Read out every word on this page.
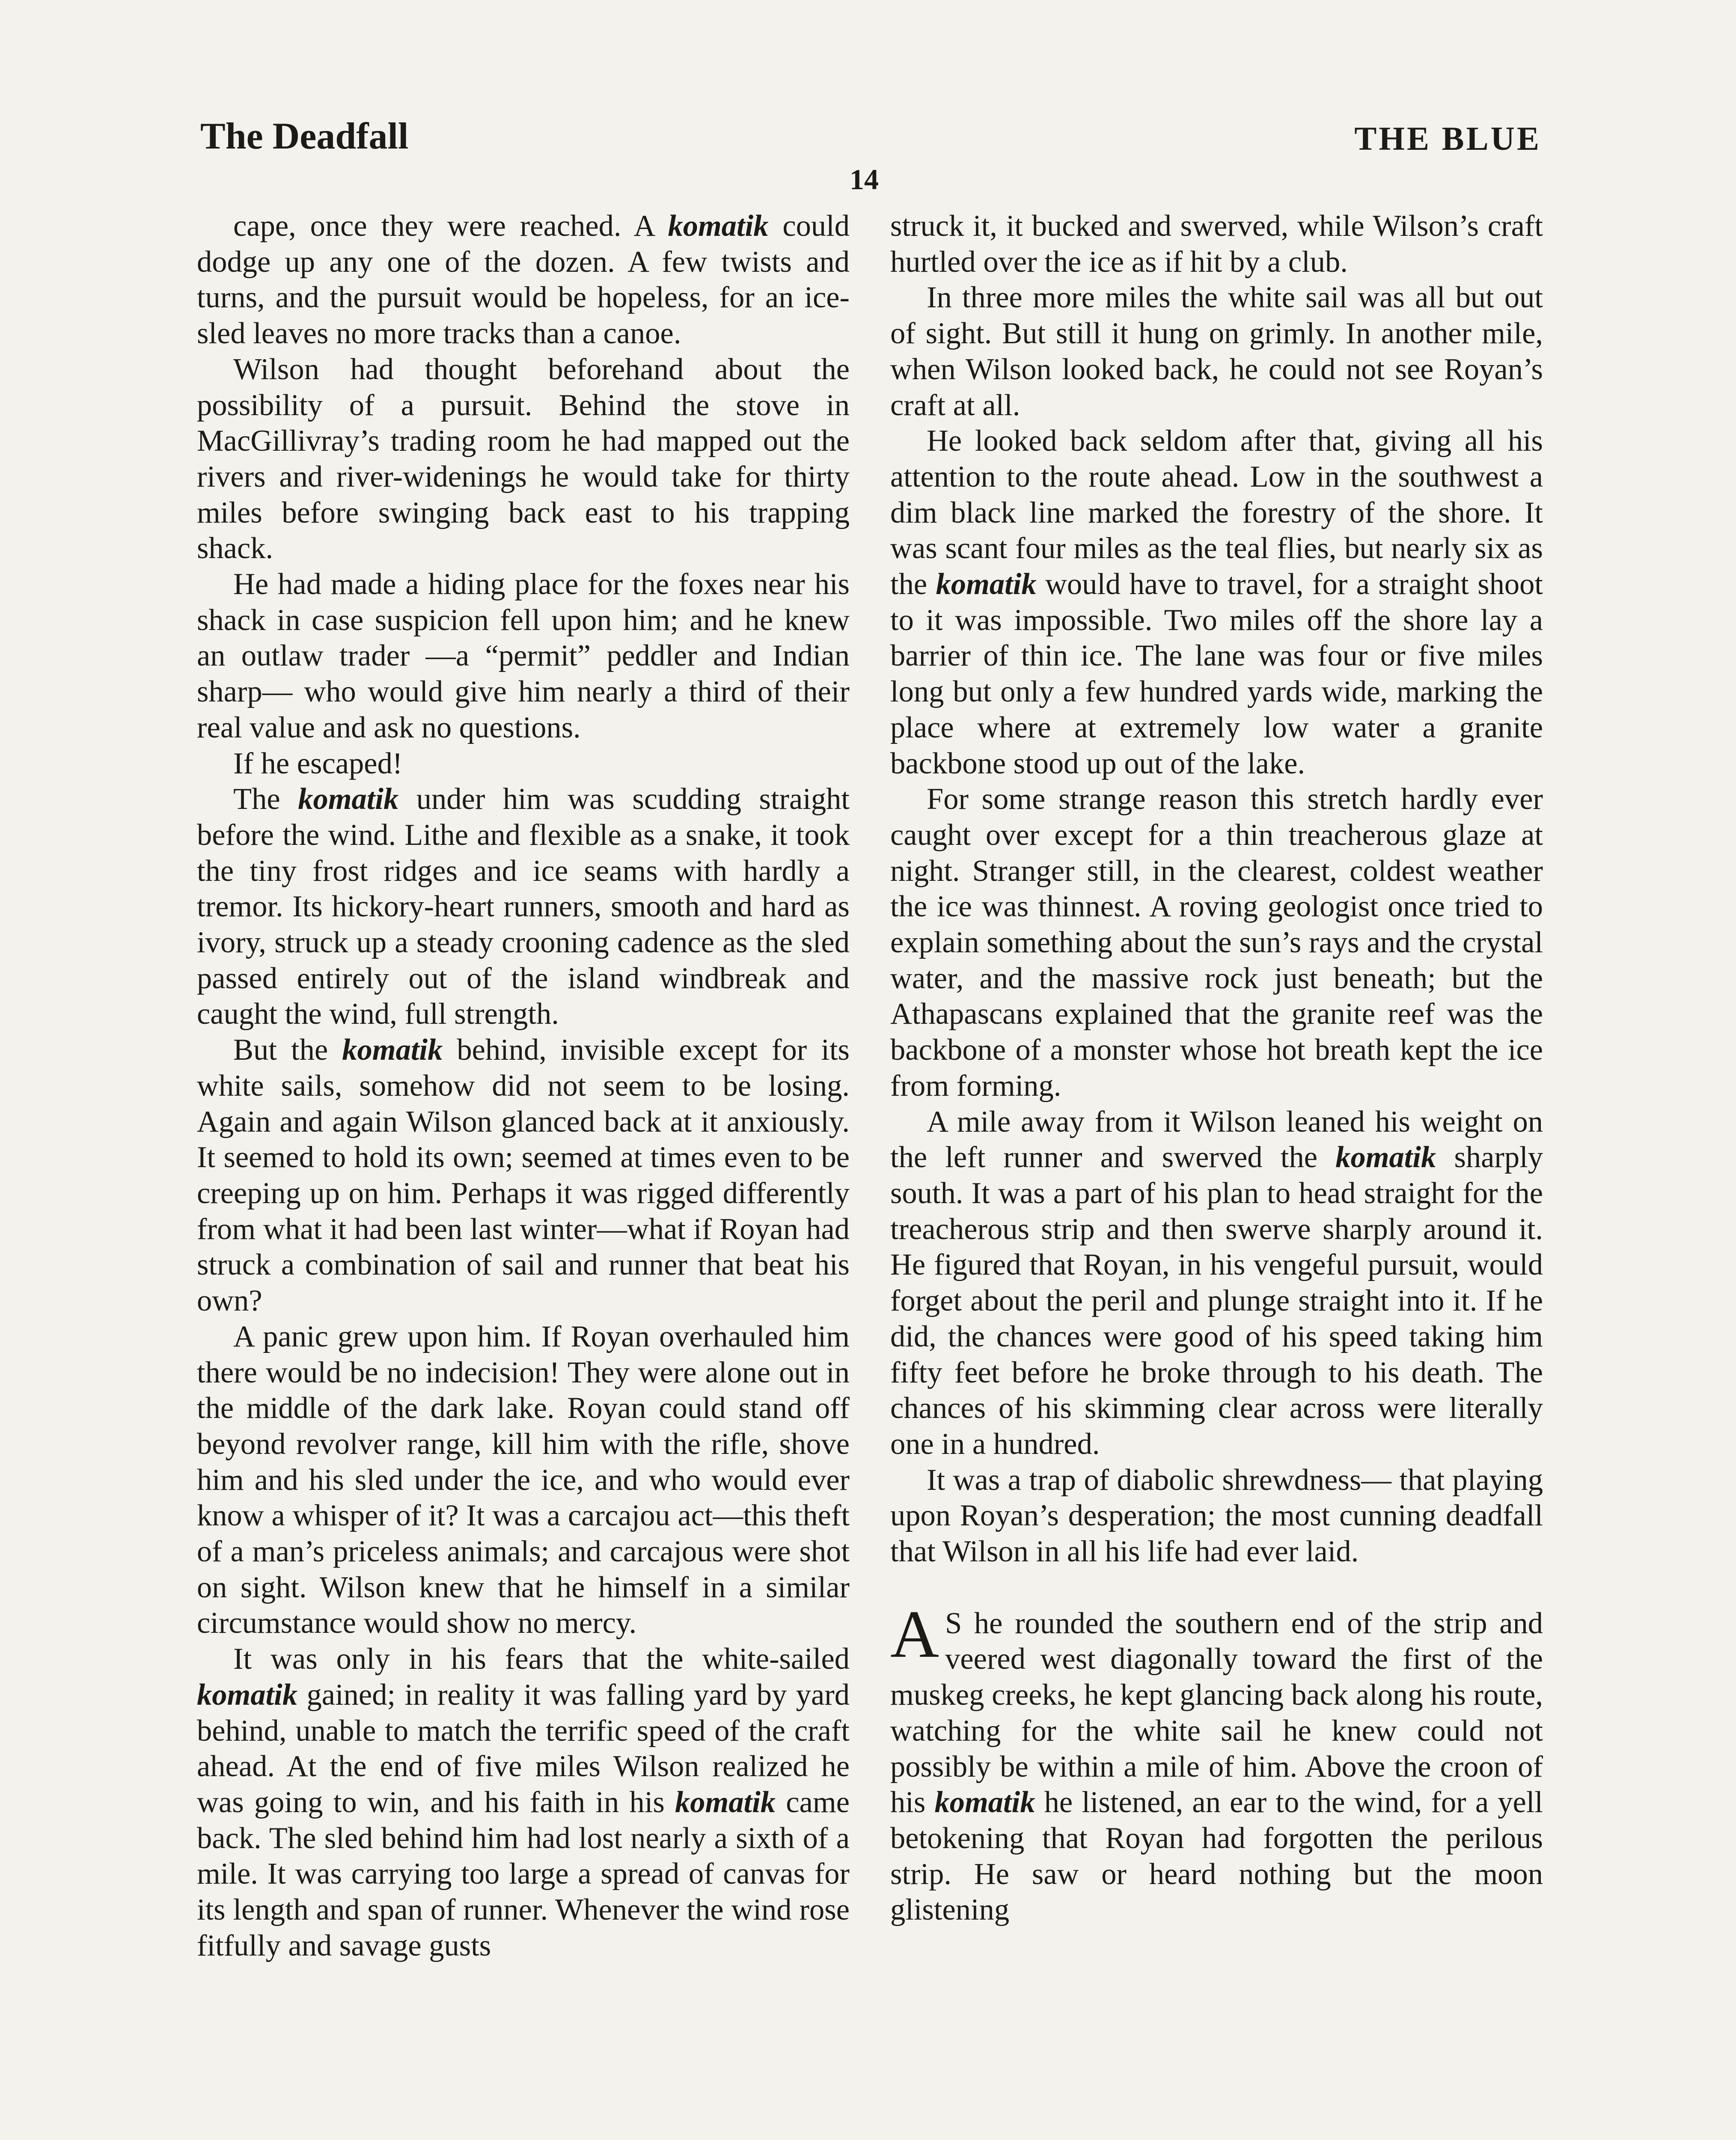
The Deadfall	THE BLUE
14

cape, once they were reached. A komatik could dodge up any one of the dozen. A few twists and turns, and the pursuit would be hopeless, for an ice-sled leaves no more tracks than a canoe.

Wilson had thought beforehand about the possibility of a pursuit. Behind the stove in MacGillivray’s trading room he had mapped out the rivers and river-widenings he would take for thirty miles before swinging back east to his trapping shack.

He had made a hiding place for the foxes near his shack in case suspicion fell upon him; and he knew an outlaw trader —a “permit” peddler and Indian sharp— who would give him nearly a third of their real value and ask no questions.

If he escaped!

The komatik under him was scudding straight before the wind. Lithe and flexible as a snake, it took the tiny frost ridges and ice seams with hardly a tremor. Its hickory-heart runners, smooth and hard as ivory, struck up a steady crooning cadence as the sled passed entirely out of the island windbreak and caught the wind, full strength.

But the komatik behind, invisible except for its white sails, somehow did not seem to be losing. Again and again Wilson glanced back at it anxiously. It seemed to hold its own; seemed at times even to be creeping up on him. Perhaps it was rigged differently from what it had been last winter—what if Royan had struck a combination of sail and runner that beat his own?

A panic grew upon him. If Royan overhauled him there would be no indecision! They were alone out in the middle of the dark lake. Royan could stand off beyond revolver range, kill him with the rifle, shove him and his sled under the ice, and who would ever know a whisper of it? It was a carcajou act—this theft of a man’s priceless animals; and carcajous were shot on sight. Wilson knew that he himself in a similar circumstance would show no mercy.

It was only in his fears that the white-sailed komatik gained; in reality it was falling yard by yard behind, unable to match the terrific speed of the craft ahead. At the end of five miles Wilson realized he was going to win, and his faith in his komatik came back. The sled behind him had lost nearly a sixth of a mile. It was carrying too large a spread of canvas for its length and span of runner. Whenever the wind rose fitfully and savage gusts

struck it, it bucked and swerved, while Wilson’s craft hurtled over the ice as if hit by a club.

In three more miles the white sail was all but out of sight. But still it hung on grimly. In another mile, when Wilson looked back, he could not see Royan’s craft at all.

He looked back seldom after that, giving all his attention to the route ahead. Low in the southwest a dim black line marked the forestry of the shore. It was scant four miles as the teal flies, but nearly six as the komatik would have to travel, for a straight shoot to it was impossible. Two miles off the shore lay a barrier of thin ice. The lane was four or five miles long but only a few hundred yards wide, marking the place where at extremely low water a granite backbone stood up out of the lake.

For some strange reason this stretch hardly ever caught over except for a thin treacherous glaze at night. Stranger still, in the clearest, coldest weather the ice was thinnest. A roving geologist once tried to explain something about the sun’s rays and the crystal water, and the massive rock just beneath; but the Athapascans explained that the granite reef was the backbone of a monster whose hot breath kept the ice from forming.

A mile away from it Wilson leaned his weight on the left runner and swerved the komatik sharply south. It was a part of his plan to head straight for the treacherous strip and then swerve sharply around it. He figured that Royan, in his vengeful pursuit, would forget about the peril and plunge straight into it. If he did, the chances were good of his speed taking him fifty feet before he broke through to his death. The chances of his skimming clear across were literally one in a hundred.

It was a trap of diabolic shrewdness— that playing upon Royan’s desperation; the most cunning deadfall that Wilson in all his life had ever laid.

A S he rounded the southern end of the strip and veered west diagonally toward the first of the muskeg creeks, he kept glancing back along his route, watching for the white sail he knew could not possibly be within a mile of him. Above the croon of his komatik he listened, an ear to the wind, for a yell betokening that Royan had forgotten the perilous strip. He saw or heard nothing but the moon glistening
